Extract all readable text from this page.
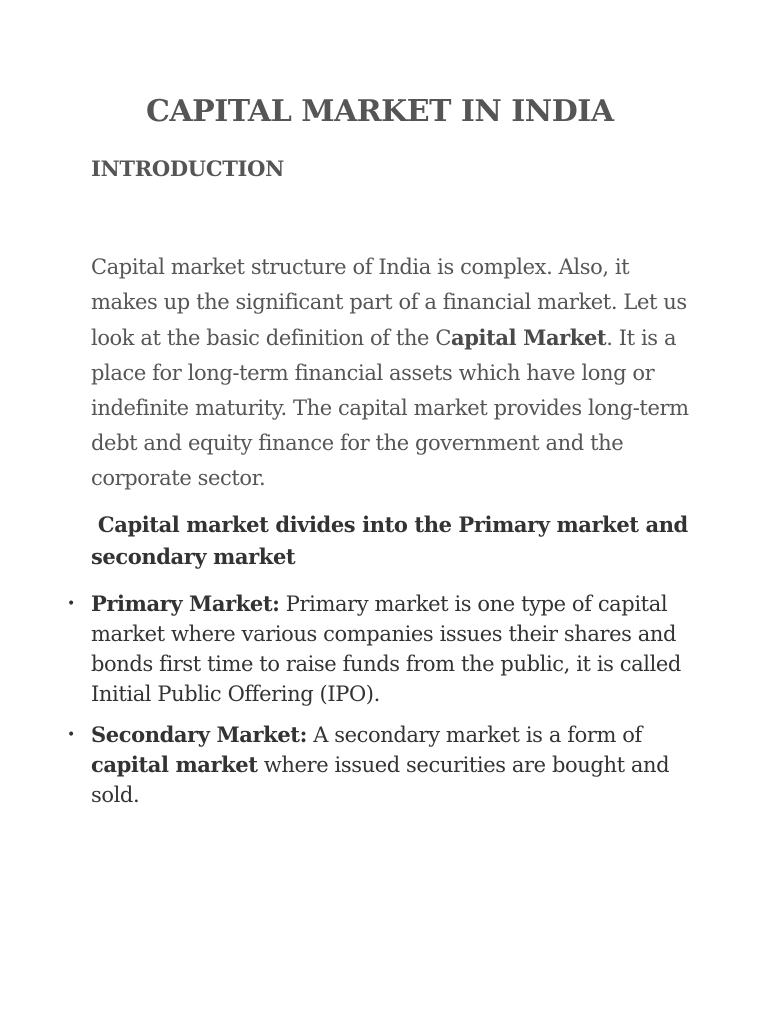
CAPITAL MARKET IN INDIA
INTRODUCTION

Capital market structure of India is complex. Also, it makes up the significant part of a financial market. Let us look at the basic definition of the Capital Market. It is a place for long-term financial assets which have long or indefinite maturity. The capital market provides long-term debt and equity finance for the government and the corporate sector.

Capital market divides into the Primary market and secondary market

• Primary Market: Primary market is one type of capital market where various companies issues their shares and bonds first time to raise funds from the public, it is called Initial Public Offering (IPO).
• Secondary Market: A secondary market is a form of capital market where issued securities are bought and sold.
